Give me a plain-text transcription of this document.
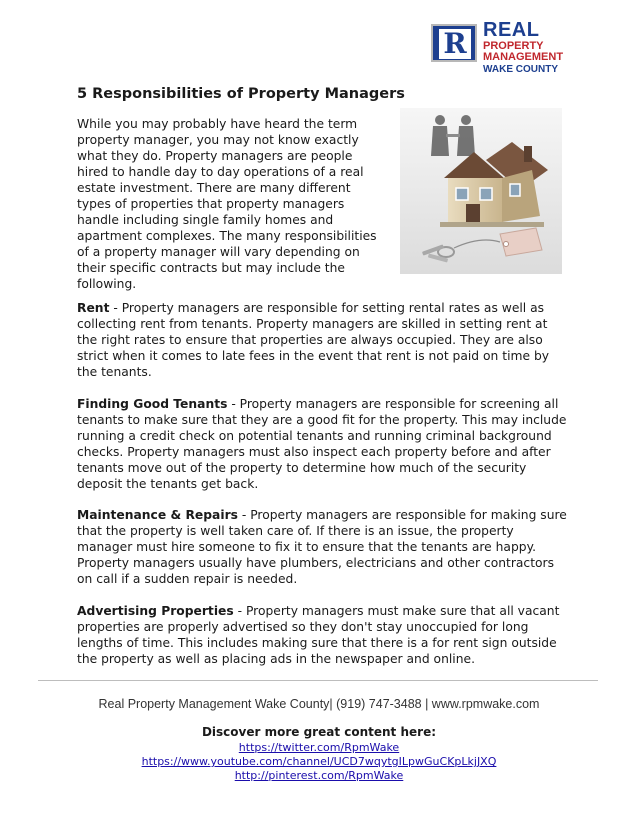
R REAL
PROPERTY MANAGEMENT
WAKE COUNTY
5 Responsibilities of Property Managers

While you may probably have heard the term property manager, you may not know exactly what they do. Property managers are people hired to handle day to day operations of a real estate investment. There are many different types of properties that property managers handle including single family homes and apartment complexes. The many responsibilities of a property manager will vary depending on their specific contracts but may include the following.

Rent - Property managers are responsible for setting rental rates as well as collecting rent from tenants. Property managers are skilled in setting rent at the right rates to ensure that properties are always occupied. They are also strict when it comes to late fees in the event that rent is not paid on time by the tenants.

Finding Good Tenants - Property managers are responsible for screening all tenants to make sure that they are a good fit for the property. This may include running a credit check on potential tenants and running criminal background checks. Property managers must also inspect each property before and after tenants move out of the property to determine how much of the security deposit the tenants get back.

Maintenance & Repairs - Property managers are responsible for making sure that the property is well taken care of. If there is an issue, the property manager must hire someone to fix it to ensure that the tenants are happy. Property managers usually have plumbers, electricians and other contractors on call if a sudden repair is needed.

Advertising Properties - Property managers must make sure that all vacant properties are properly advertised so they don't stay unoccupied for long lengths of time. This includes making sure that there is a for rent sign outside the property as well as placing ads in the newspaper and online.

Real Property Management Wake County| (919) 747-3488 | www.rpmwake.com
Discover more great content here:
https://twitter.com/RpmWake
https://www.youtube.com/channel/UCD7wqytgILpwGuCKpLkjJXQ
http://pinterest.com/RpmWake
